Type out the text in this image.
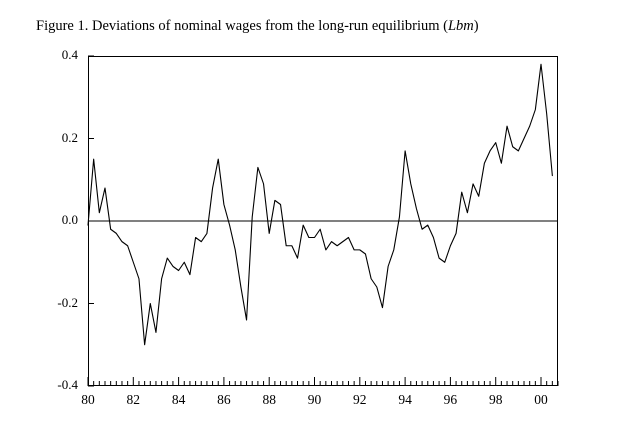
Figure 1. Deviations of nominal wages from the long-run equilibrium (Lbm)
0.4
0.2
0.0
-0.2
-0.4
80	82	84	86	88	90	92	94	96	98	00
